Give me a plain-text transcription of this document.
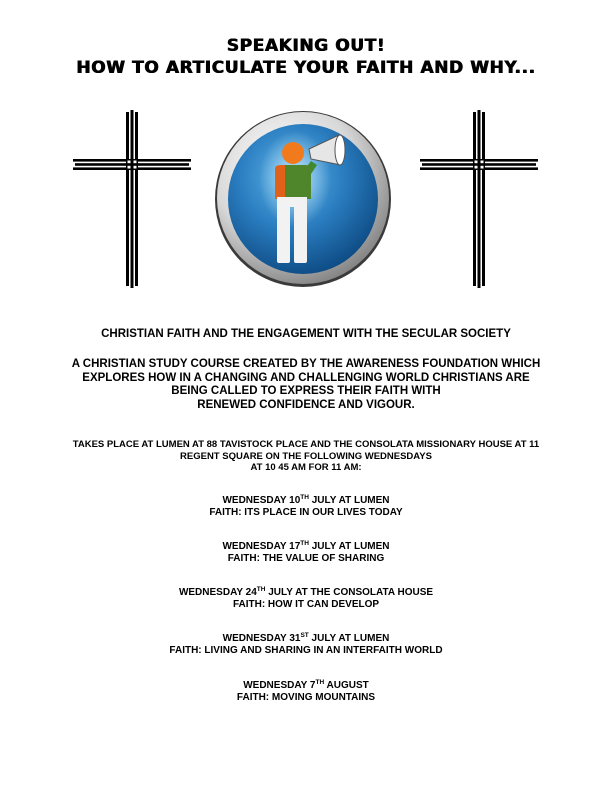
SPEAKING OUT!

HOW TO ARTICULATE YOUR FAITH AND WHY...

CHRISTIAN FAITH AND THE ENGAGEMENT WITH THE SECULAR SOCIETY

A CHRISTIAN STUDY COURSE CREATED BY THE AWARENESS FOUNDATION WHICH

EXPLORES HOW IN A CHANGING AND CHALLENGING WORLD CHRISTIANS ARE

BEING CALLED TO EXPRESS THEIR FAITH WITH

RENEWED CONFIDENCE AND VIGOUR.

TAKES PLACE AT LUMEN AT 88 TAVISTOCK PLACE AND THE CONSOLATA MISSIONARY HOUSE AT 11

REGENT SQUARE ON THE FOLLOWING WEDNESDAYS

AT 10 45 AM FOR 11 AM:

WEDNESDAY 10TH JULY AT LUMEN

FAITH: ITS PLACE IN OUR LIVES TODAY

WEDNESDAY 17TH JULY AT LUMEN

FAITH: THE VALUE OF SHARING

WEDNESDAY 24TH JULY AT THE CONSOLATA HOUSE

FAITH: HOW IT CAN DEVELOP

WEDNESDAY 31ST JULY AT LUMEN

FAITH: LIVING AND SHARING IN AN INTERFAITH WORLD

WEDNESDAY 7TH AUGUST

FAITH: MOVING MOUNTAINS
